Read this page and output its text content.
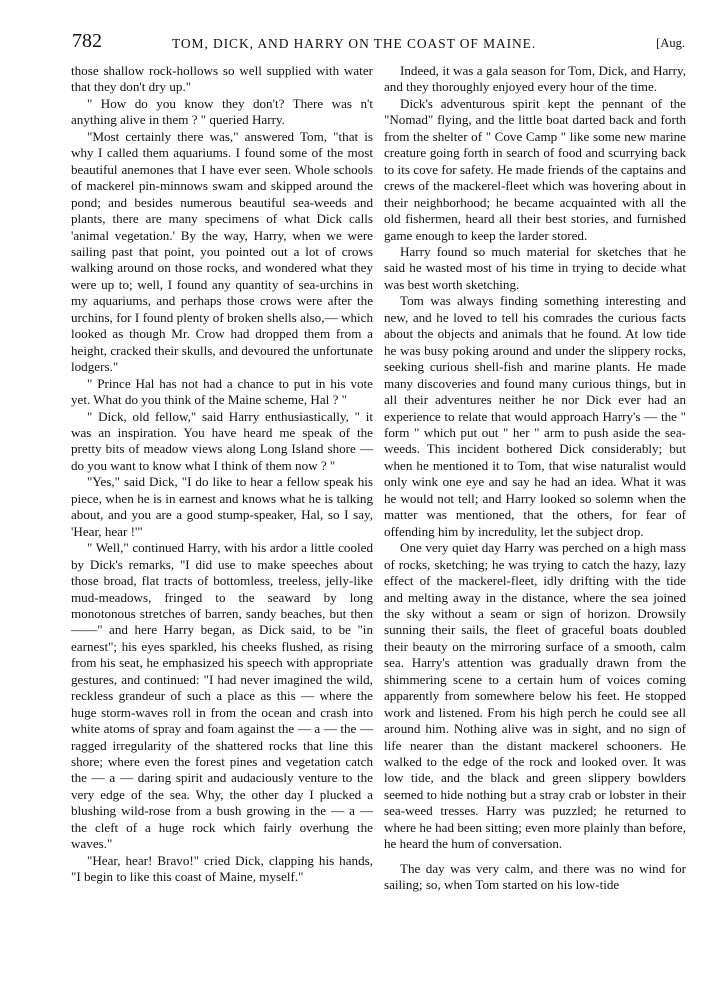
782	TOM, DICK, AND HARRY ON THE COAST OF MAINE.	[Aug.

those shallow rock-hollows so well supplied with water that they don't dry up."

" How do you know they don't? There was n't anything alive in them ? " queried Harry.

"Most certainly there was," answered Tom, "that is why I called them aquariums. I found some of the most beautiful anemones that I have ever seen. Whole schools of mackerel pin-minnows swam and skipped around the pond; and besides numerous beautiful sea-weeds and plants, there are many specimens of what Dick calls 'animal vegetation.' By the way, Harry, when we were sailing past that point, you pointed out a lot of crows walking around on those rocks, and wondered what they were up to; well, I found any quantity of sea-urchins in my aquariums, and perhaps those crows were after the urchins, for I found plenty of broken shells also,— which looked as though Mr. Crow had dropped them from a height, cracked their skulls, and devoured the unfortunate lodgers."

" Prince Hal has not had a chance to put in his vote yet. What do you think of the Maine scheme, Hal ? "

" Dick, old fellow," said Harry enthusiastically, " it was an inspiration. You have heard me speak of the pretty bits of meadow views along Long Island shore — do you want to know what I think of them now ? "

"Yes," said Dick, "I do like to hear a fellow speak his piece, when he is in earnest and knows what he is talking about, and you are a good stump-speaker, Hal, so I say, 'Hear, hear !'"

" Well," continued Harry, with his ardor a little cooled by Dick's remarks, "I did use to make speeches about those broad, flat tracts of bottomless, treeless, jelly-like mud-meadows, fringed to the seaward by long monotonous stretches of barren, sandy beaches, but then ——" and here Harry began, as Dick said, to be "in earnest"; his eyes sparkled, his cheeks flushed, as rising from his seat, he emphasized his speech with appropriate gestures, and continued: "I had never imagined the wild, reckless grandeur of such a place as this — where the huge storm-waves roll in from the ocean and crash into white atoms of spray and foam against the — a — the — ragged irregularity of the shattered rocks that line this shore; where even the forest pines and vegetation catch the — a — daring spirit and audaciously venture to the very edge of the sea. Why, the other day I plucked a blushing wild-rose from a bush growing in the — a — the cleft of a huge rock which fairly overhung the waves."

"Hear, hear! Bravo!" cried Dick, clapping his hands, "I begin to like this coast of Maine, myself."

Indeed, it was a gala season for Tom, Dick, and Harry, and they thoroughly enjoyed every hour of the time.

Dick's adventurous spirit kept the pennant of the "Nomad" flying, and the little boat darted back and forth from the shelter of " Cove Camp " like some new marine creature going forth in search of food and scurrying back to its cove for safety. He made friends of the captains and crews of the mackerel-fleet which was hovering about in their neighborhood; he became acquainted with all the old fishermen, heard all their best stories, and furnished game enough to keep the larder stored.

Harry found so much material for sketches that he said he wasted most of his time in trying to decide what was best worth sketching.

Tom was always finding something interesting and new, and he loved to tell his comrades the curious facts about the objects and animals that he found. At low tide he was busy poking around and under the slippery rocks, seeking curious shell-fish and marine plants. He made many discoveries and found many curious things, but in all their adventures neither he nor Dick ever had an experience to relate that would approach Harry's — the " form " which put out " her " arm to push aside the sea-weeds. This incident bothered Dick considerably; but when he mentioned it to Tom, that wise naturalist would only wink one eye and say he had an idea. What it was he would not tell; and Harry looked so solemn when the matter was mentioned, that the others, for fear of offending him by incredulity, let the subject drop.

One very quiet day Harry was perched on a high mass of rocks, sketching; he was trying to catch the hazy, lazy effect of the mackerel-fleet, idly drifting with the tide and melting away in the distance, where the sea joined the sky without a seam or sign of horizon. Drowsily sunning their sails, the fleet of graceful boats doubled their beauty on the mirroring surface of a smooth, calm sea. Harry's attention was gradually drawn from the shimmering scene to a certain hum of voices coming apparently from somewhere below his feet. He stopped work and listened. From his high perch he could see all around him. Nothing alive was in sight, and no sign of life nearer than the distant mackerel schooners. He walked to the edge of the rock and looked over. It was low tide, and the black and green slippery bowlders seemed to hide nothing but a stray crab or lobster in their sea-weed tresses. Harry was puzzled; he returned to where he had been sitting; even more plainly than before, he heard the hum of conversation.

The day was very calm, and there was no wind for sailing; so, when Tom started on his low-tide
